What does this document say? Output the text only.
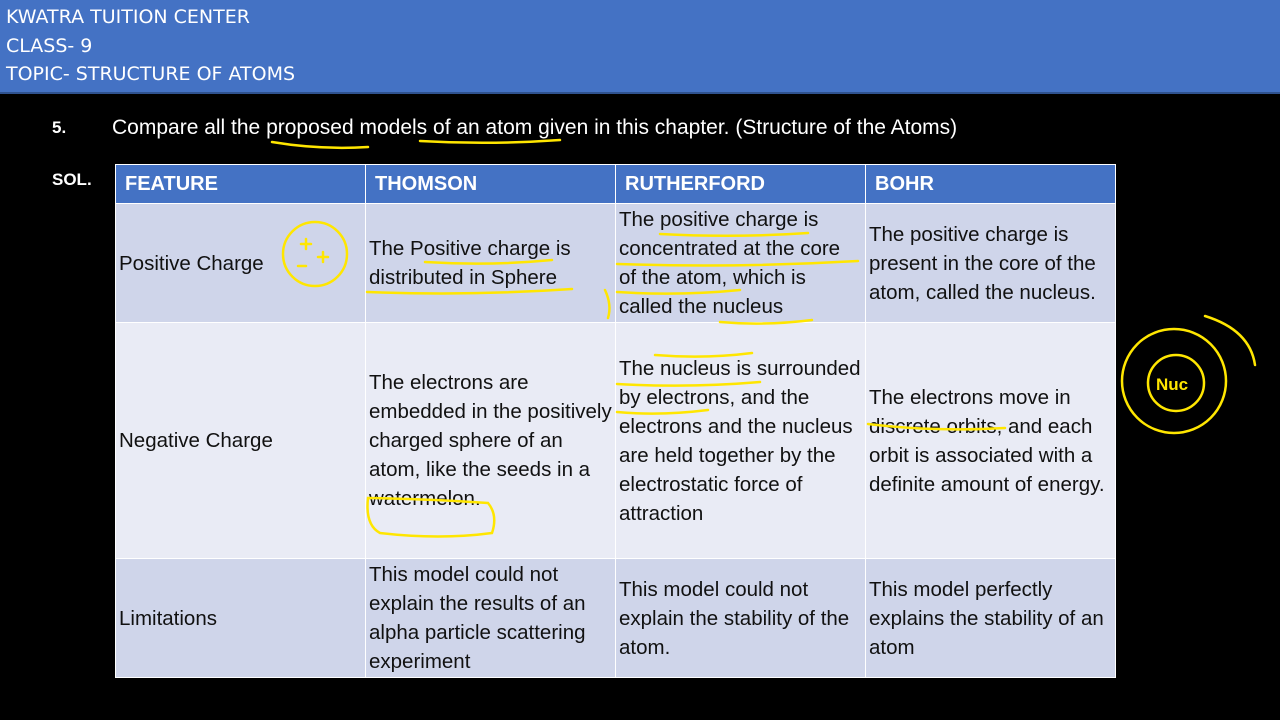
KWATRA TUITION CENTER
CLASS- 9
TOPIC- STRUCTURE OF ATOMS
5. Compare all the proposed models of an atom given in this chapter. (Structure of the Atoms)
SOL. FEATURE	THOMSON	RUTHERFORD	BOHR
Positive Charge	The Positive charge is distributed in Sphere	The positive charge is concentrated at the core of the atom, which is called the nucleus	The positive charge is present in the core of the atom, called the nucleus.
Negative Charge	The electrons are embedded in the positively charged sphere of an atom, like the seeds in a watermelon.	The nucleus is surrounded by electrons, and the electrons and the nucleus are held together by the electrostatic force of attraction	The electrons move in discrete orbits, and each orbit is associated with a definite amount of energy.
Limitations	This model could not explain the results of an alpha particle scattering experiment	This model could not explain the stability of the atom.	This model perfectly explains the stability of an atom
Nuc
